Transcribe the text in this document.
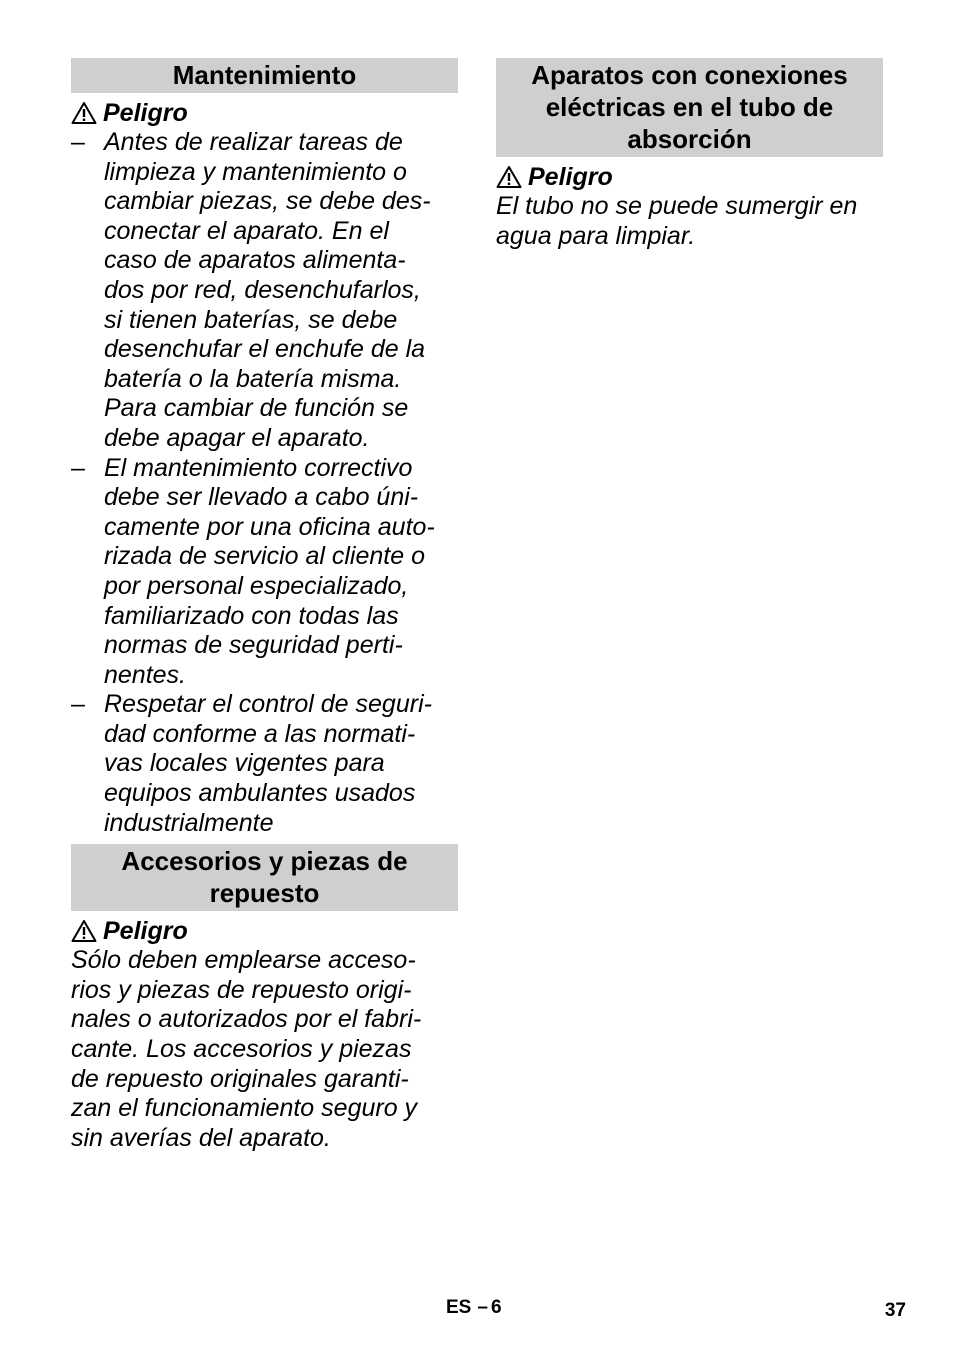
Mantenimiento
Peligro
– Antes de realizar tareas de
limpieza y mantenimiento o
cambiar piezas, se debe des-
conectar el aparato. En el
caso de aparatos alimenta-
dos por red, desenchufarlos,
si tienen baterías, se debe
desenchufar el enchufe de la
batería o la batería misma.
Para cambiar de función se
debe apagar el aparato.
– El mantenimiento correctivo
debe ser llevado a cabo úni-
camente por una oficina auto-
rizada de servicio al cliente o
por personal especializado,
familiarizado con todas las
normas de seguridad perti-
nentes.
– Respetar el control de seguri-
dad conforme a las normati-
vas locales vigentes para
equipos ambulantes usados
industrialmente
Accesorios y piezas de
repuesto
Peligro
Sólo deben emplearse acceso-
rios y piezas de repuesto origi-
nales o autorizados por el fabri-
cante. Los accesorios y piezas
de repuesto originales garanti-
zan el funcionamiento seguro y
sin averías del aparato.
Aparatos con conexiones
eléctricas en el tubo de
absorción
Peligro
El tubo no se puede sumergir en
agua para limpiar.
ES – 6	37
